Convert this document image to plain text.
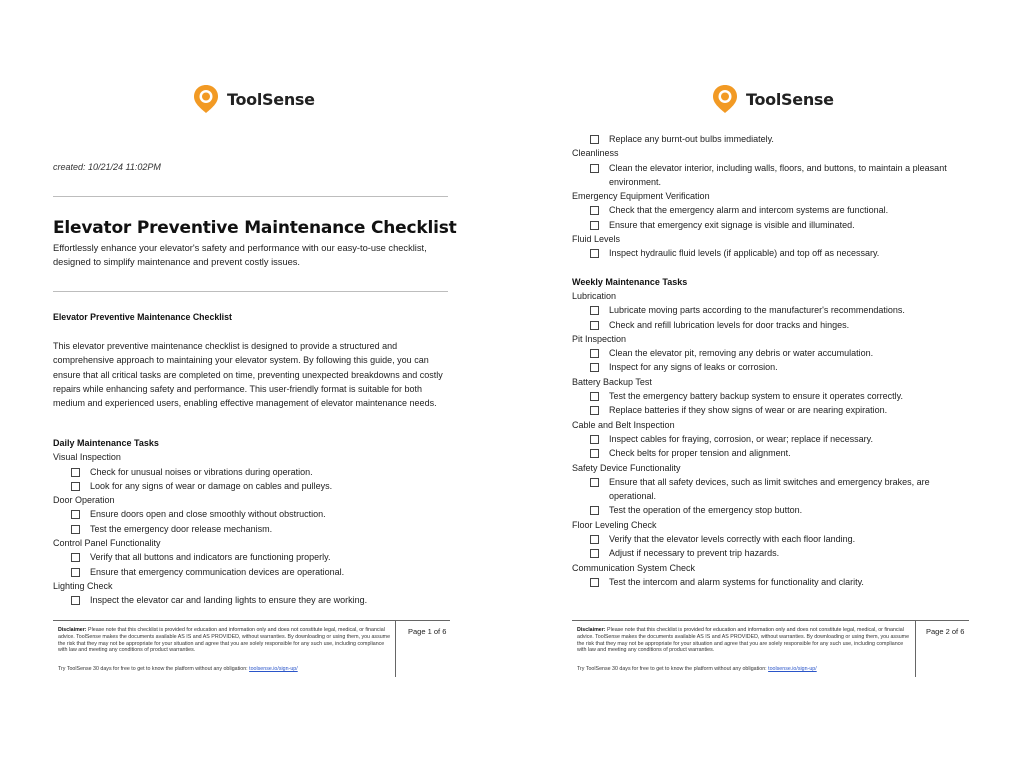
ToolSense
created: 10/21/24 11:02PM
Elevator Preventive Maintenance Checklist
Effortlessly enhance your elevator's safety and performance with our easy-to-use checklist, designed to simplify maintenance and prevent costly issues.
Elevator Preventive Maintenance Checklist
This elevator preventive maintenance checklist is designed to provide a structured and comprehensive approach to maintaining your elevator system. By following this guide, you can ensure that all critical tasks are completed on time, preventing unexpected breakdowns and costly repairs while enhancing safety and performance. This user-friendly format is suitable for both medium and experienced users, enabling effective management of elevator maintenance needs.
Daily Maintenance Tasks
Visual Inspection
Check for unusual noises or vibrations during operation.
Look for any signs of wear or damage on cables and pulleys.
Door Operation
Ensure doors open and close smoothly without obstruction.
Test the emergency door release mechanism.
Control Panel Functionality
Verify that all buttons and indicators are functioning properly.
Ensure that emergency communication devices are operational.
Lighting Check
Inspect the elevator car and landing lights to ensure they are working.
Disclaimer: Please note that this checklist is provided for education and information only and does not constitute legal, medical, or financial advice. ToolSense makes the documents available AS IS and AS PROVIDED, without warranties. By downloading or using them, you assume the risk that they may not be appropriate for your situation and agree that you are solely responsible for any such use, including compliance with law and meeting any conditions of product warranties.
Try ToolSense 30 days for free to get to know the platform without any obligation: toolsense.io/sign-up/
Page 1 of 6
ToolSense
Replace any burnt-out bulbs immediately.
Cleanliness
Clean the elevator interior, including walls, floors, and buttons, to maintain a pleasant environment.
Emergency Equipment Verification
Check that the emergency alarm and intercom systems are functional.
Ensure that emergency exit signage is visible and illuminated.
Fluid Levels
Inspect hydraulic fluid levels (if applicable) and top off as necessary.
Weekly Maintenance Tasks
Lubrication
Lubricate moving parts according to the manufacturer's recommendations.
Check and refill lubrication levels for door tracks and hinges.
Pit Inspection
Clean the elevator pit, removing any debris or water accumulation.
Inspect for any signs of leaks or corrosion.
Battery Backup Test
Test the emergency battery backup system to ensure it operates correctly.
Replace batteries if they show signs of wear or are nearing expiration.
Cable and Belt Inspection
Inspect cables for fraying, corrosion, or wear; replace if necessary.
Check belts for proper tension and alignment.
Safety Device Functionality
Ensure that all safety devices, such as limit switches and emergency brakes, are operational.
Test the operation of the emergency stop button.
Floor Leveling Check
Verify that the elevator levels correctly with each floor landing.
Adjust if necessary to prevent trip hazards.
Communication System Check
Test the intercom and alarm systems for functionality and clarity.
Disclaimer: Please note that this checklist is provided for education and information only and does not constitute legal, medical, or financial advice. ToolSense makes the documents available AS IS and AS PROVIDED, without warranties. By downloading or using them, you assume the risk that they may not be appropriate for your situation and agree that you are solely responsible for any such use, including compliance with law and meeting any conditions of product warranties.
Try ToolSense 30 days for free to get to know the platform without any obligation: toolsense.io/sign-up/
Page 2 of 6
